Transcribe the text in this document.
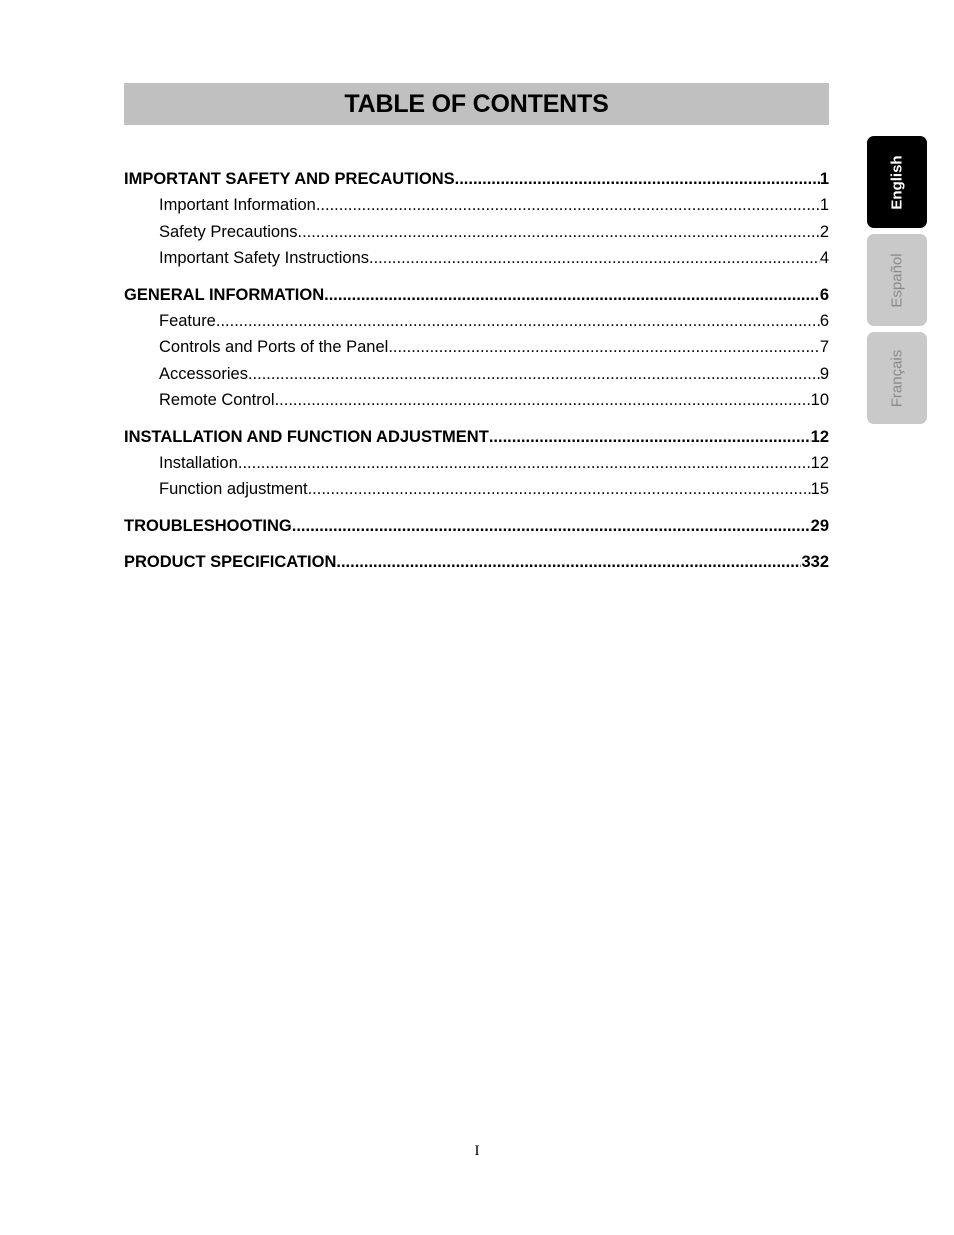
TABLE OF CONTENTS
IMPORTANT SAFETY AND PRECAUTIONS .....	1
Important Information .....	1
Safety Precautions .....	2
Important Safety Instructions .....	4
GENERAL INFORMATION .....	6
Feature .....	6
Controls and Ports of the Panel .....	7
Accessories .....	9
Remote Control .....	10
INSTALLATION AND FUNCTION ADJUSTMENT .....	12
Installation .....	12
Function adjustment .....	15
TROUBLESHOOTING .....	29
PRODUCT SPECIFICATION .....	332
English
Español
Français
I
